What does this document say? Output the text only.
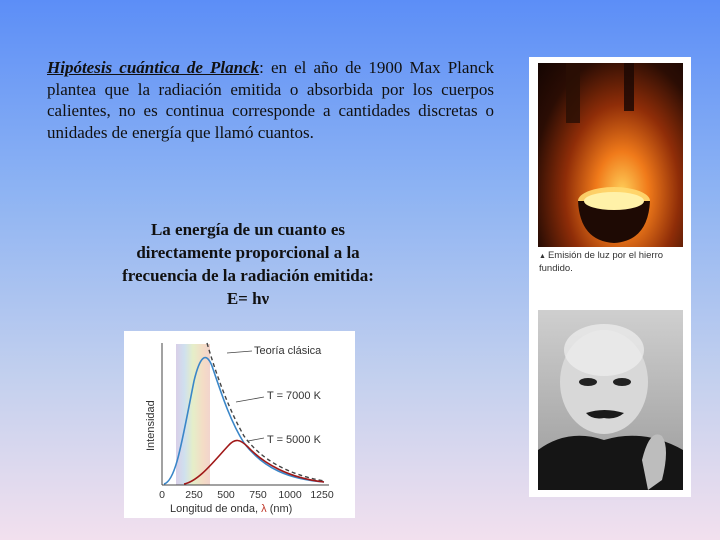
Hipótesis cuántica de Planck: en el año de 1900 Max Planck plantea que la radiación emitida o absorbida por los cuerpos calientes, no es continua corresponde a cantidades discretas o unidades de energía que llamó cuantos.
La energía de un cuanto es
directamente proporcional a la
frecuencia de la radiación emitida:
E= hν
Intensidad
Teoría clásica
T = 7000 K
T = 5000 K
0 250 500 750 1000 1250
Longitud de onda, λ (nm)
▲ Emisión de luz por el hierro fundido.
